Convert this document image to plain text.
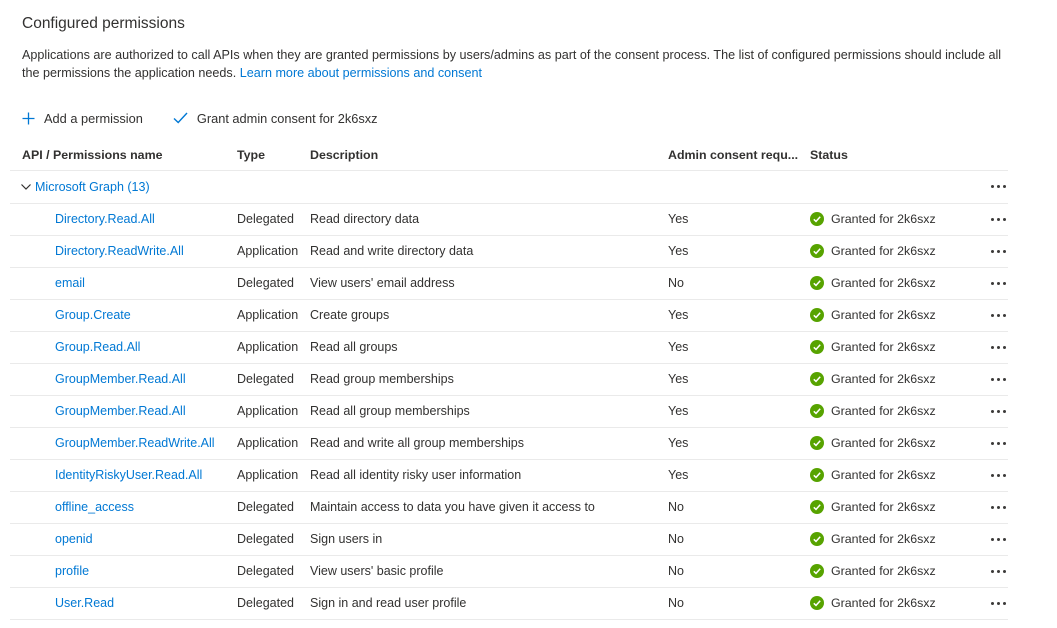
Configured permissions

Applications are authorized to call APIs when they are granted permissions by users/admins as part of the consent process. The list of configured permissions should include all the permissions the application needs. Learn more about permissions and consent

Add a permission	Grant admin consent for 2k6sxz
API / Permissions name	Type	Description	Admin consent requ... Status
Microsoft Graph (13)
Directory.Read.All	Delegated	Read directory data	Yes	Granted for 2k6sxz
Directory.ReadWrite.All	Application Read and write directory data	Yes	Granted for 2k6sxz
email	Delegated	View users' email address	No	Granted for 2k6sxz
Group.Create	Application Create groups	Yes	Granted for 2k6sxz
Group.Read.All	Application Read all groups	Yes	Granted for 2k6sxz
GroupMember.Read.All	Delegated	Read group memberships	Yes	Granted for 2k6sxz
GroupMember.Read.All	Application Read all group memberships	Yes	Granted for 2k6sxz
GroupMember.ReadWrite.All	Application Read and write all group memberships	Yes	Granted for 2k6sxz
IdentityRiskyUser.Read.All	Application Read all identity risky user information	Yes	Granted for 2k6sxz
offline_access	Delegated	Maintain access to data you have given it access to	No	Granted for 2k6sxz
openid	Delegated	Sign users in	No	Granted for 2k6sxz
profile	Delegated	View users' basic profile	No	Granted for 2k6sxz
User.Read	Delegated	Sign in and read user profile	No	Granted for 2k6sxz
